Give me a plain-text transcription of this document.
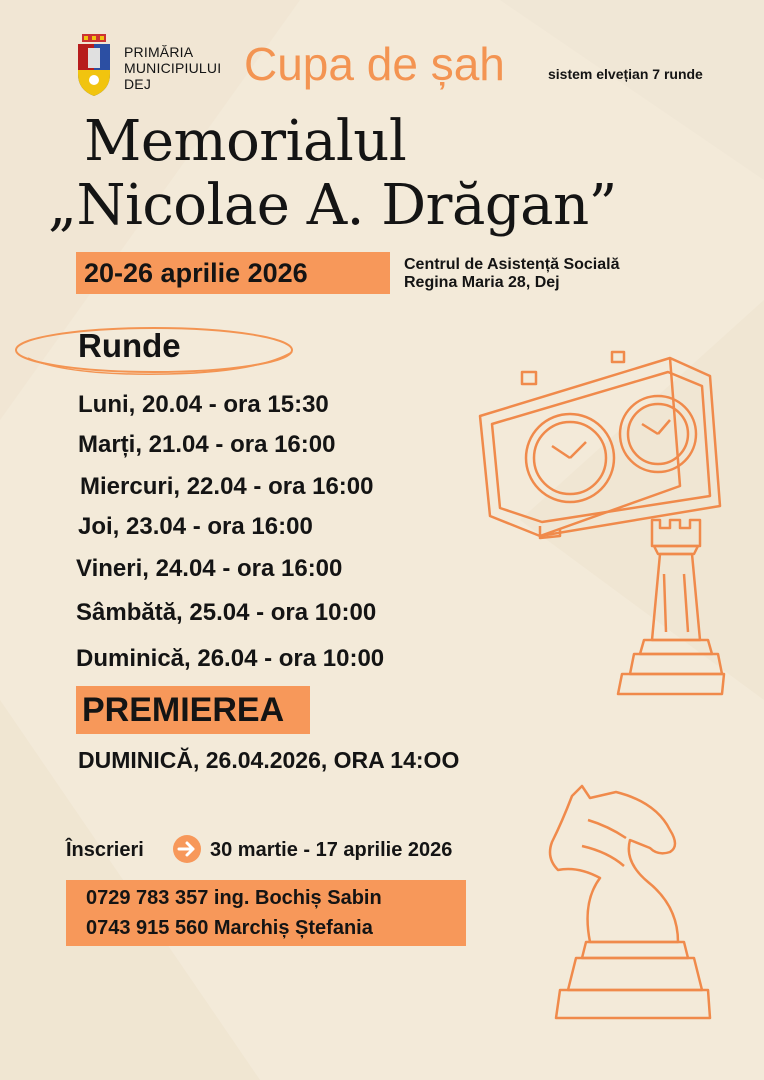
PRIMĂRIA
MUNICIPIULUI
DEJ	Cupa de șah	sistem elvețian 7 runde
Memorialul
„Nicolae A. Drăgan”
20-26 aprilie 2026	Centrul de Asistență Socială
Regina Maria 28, Dej
Runde
Luni, 20.04 - ora 15:30
Marți, 21.04 - ora 16:00
Miercuri, 22.04 - ora 16:00
Joi, 23.04 - ora 16:00
Vineri, 24.04 - ora 16:00
Sâmbătă, 25.04 - ora 10:00
Duminică, 26.04 - ora 10:00
PREMIEREA
DUMINICĂ, 26.04.2026, ORA 14:OO
Înscrieri	30 martie - 17 aprilie 2026
0729 783 357 ing. Bochiș Sabin
0743 915 560 Marchiș Ștefania
